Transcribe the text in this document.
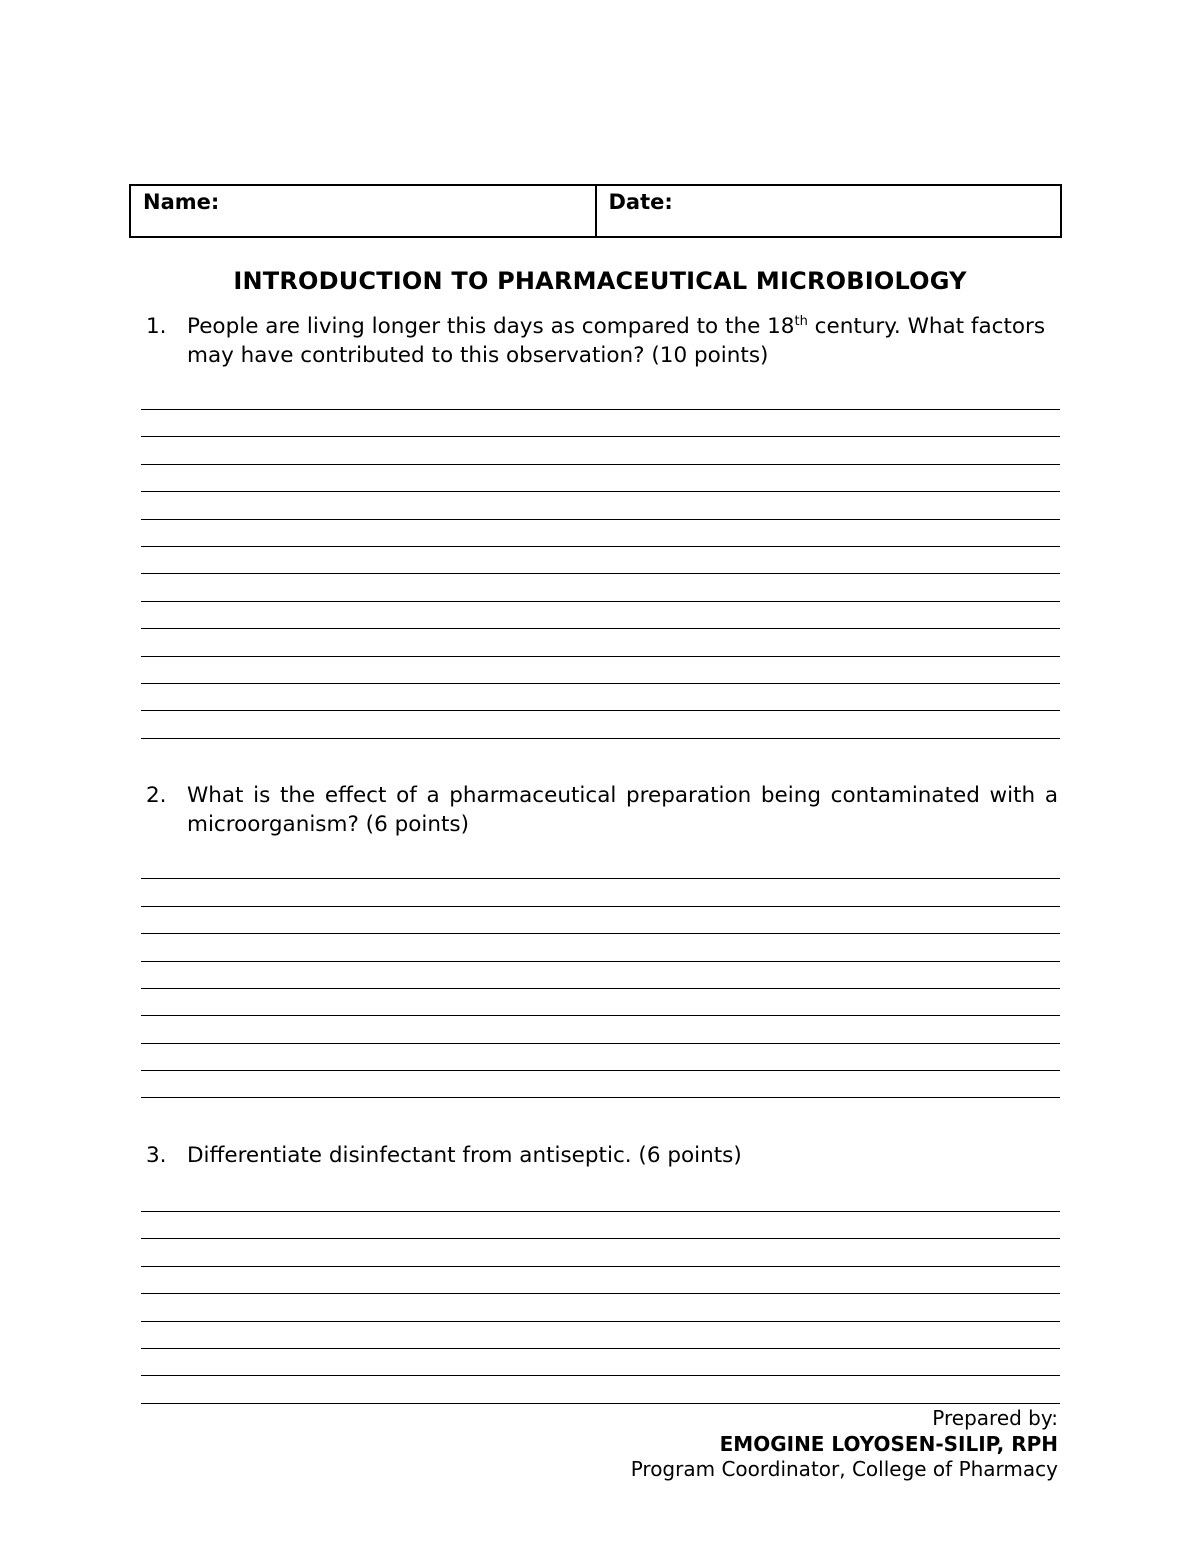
Name:	Date:
INTRODUCTION TO PHARMACEUTICAL MICROBIOLOGY
1. People are living longer this days as compared to the 18th century. What factors may have contributed to this observation? (10 points)
2. What is the effect of a pharmaceutical preparation being contaminated with a microorganism? (6 points)
3. Differentiate disinfectant from antiseptic. (6 points)
Prepared by:
EMOGINE LOYOSEN-SILIP, RPH
Program Coordinator, College of Pharmacy
